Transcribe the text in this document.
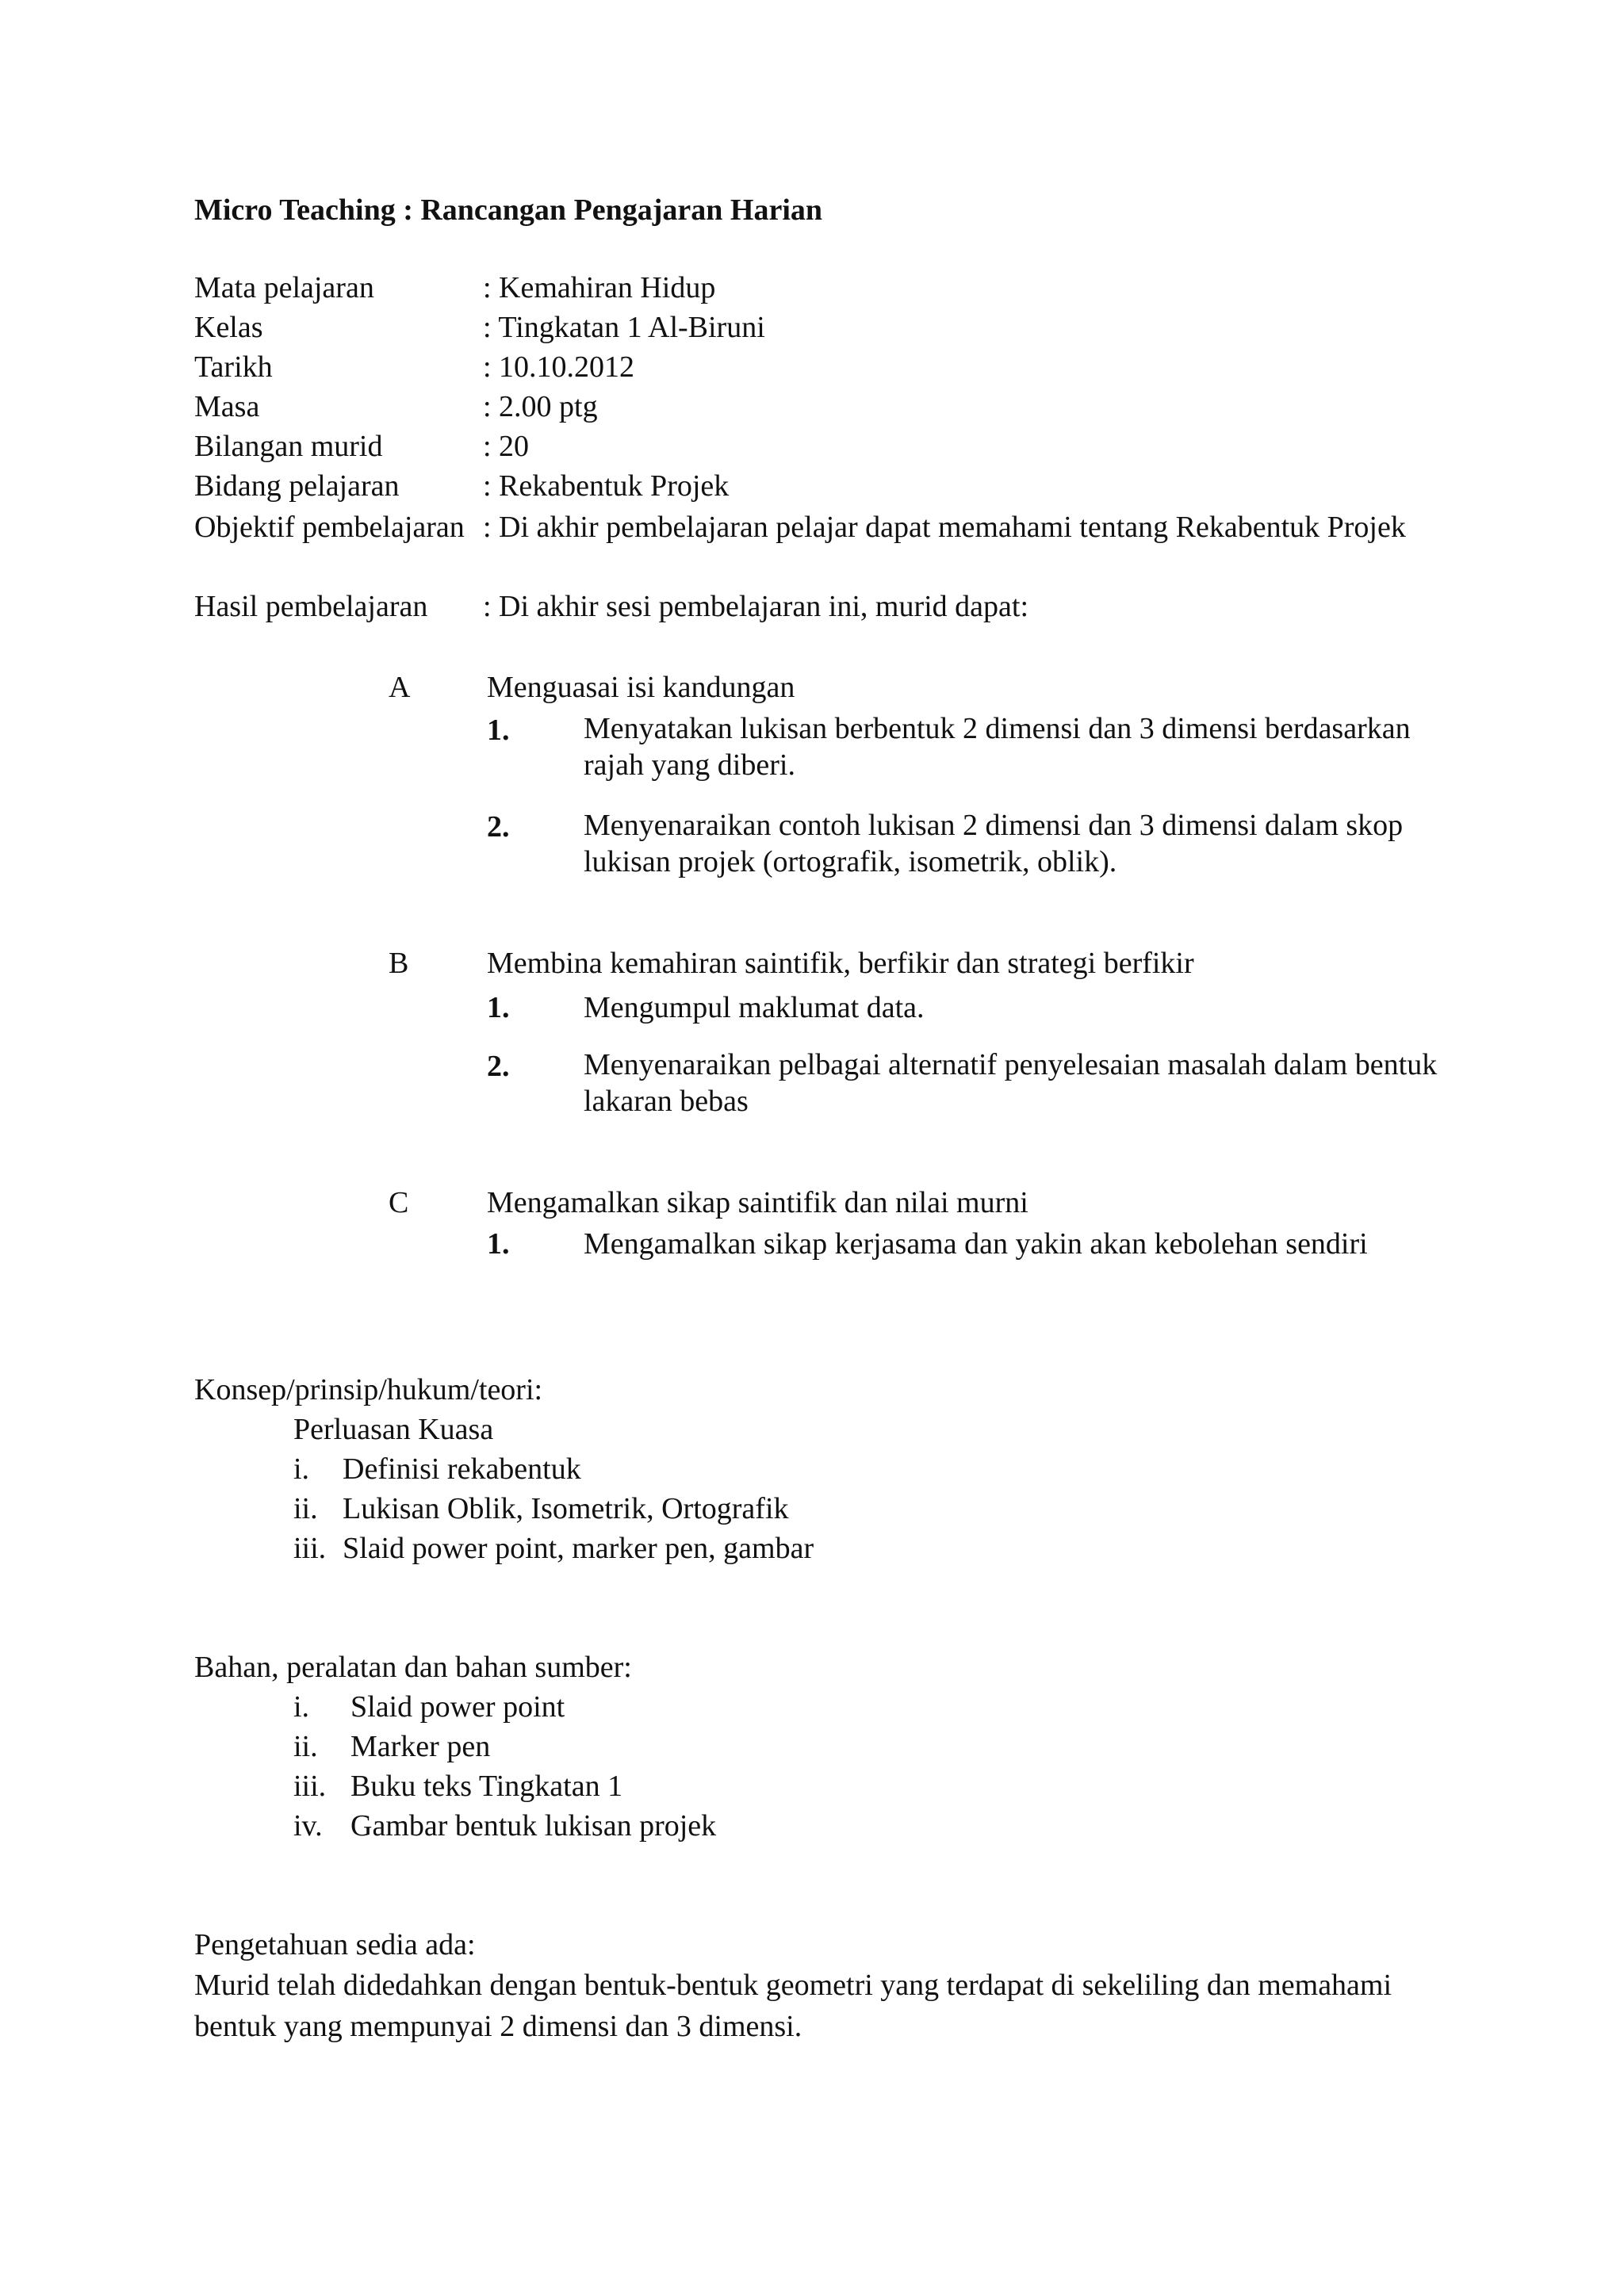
Micro Teaching : Rancangan Pengajaran Harian
Mata pelajaran	: Kemahiran Hidup
Kelas	: Tingkatan 1 Al-Biruni
Tarikh	: 10.10.2012
Masa	: 2.00 ptg
Bilangan murid	: 20
Bidang pelajaran	: Rekabentuk Projek
Objektif pembelajaran : Di akhir pembelajaran pelajar dapat memahami tentang Rekabentuk Projek
Hasil pembelajaran : Di akhir sesi pembelajaran ini, murid dapat:
A	Menguasai isi kandungan
1. Menyatakan lukisan berbentuk 2 dimensi dan 3 dimensi berdasarkan rajah yang diberi.
2. Menyenaraikan contoh lukisan 2 dimensi dan 3 dimensi dalam skop lukisan projek (ortografik, isometrik, oblik).
B	Membina kemahiran saintifik, berfikir dan strategi berfikir
1. Mengumpul maklumat data.
2. Menyenaraikan pelbagai alternatif penyelesaian masalah dalam bentuk lakaran bebas
C	Mengamalkan sikap saintifik dan nilai murni
1. Mengamalkan sikap kerjasama dan yakin akan kebolehan sendiri
Konsep/prinsip/hukum/teori:
Perluasan Kuasa
i. Definisi rekabentuk
ii. Lukisan Oblik, Isometrik, Ortografik
iii. Slaid power point, marker pen, gambar
Bahan, peralatan dan bahan sumber:
i. Slaid power point
ii. Marker pen
iii. Buku teks Tingkatan 1
iv. Gambar bentuk lukisan projek
Pengetahuan sedia ada:
Murid telah didedahkan dengan bentuk-bentuk geometri yang terdapat di sekeliling dan memahami bentuk yang mempunyai 2 dimensi dan 3 dimensi.
